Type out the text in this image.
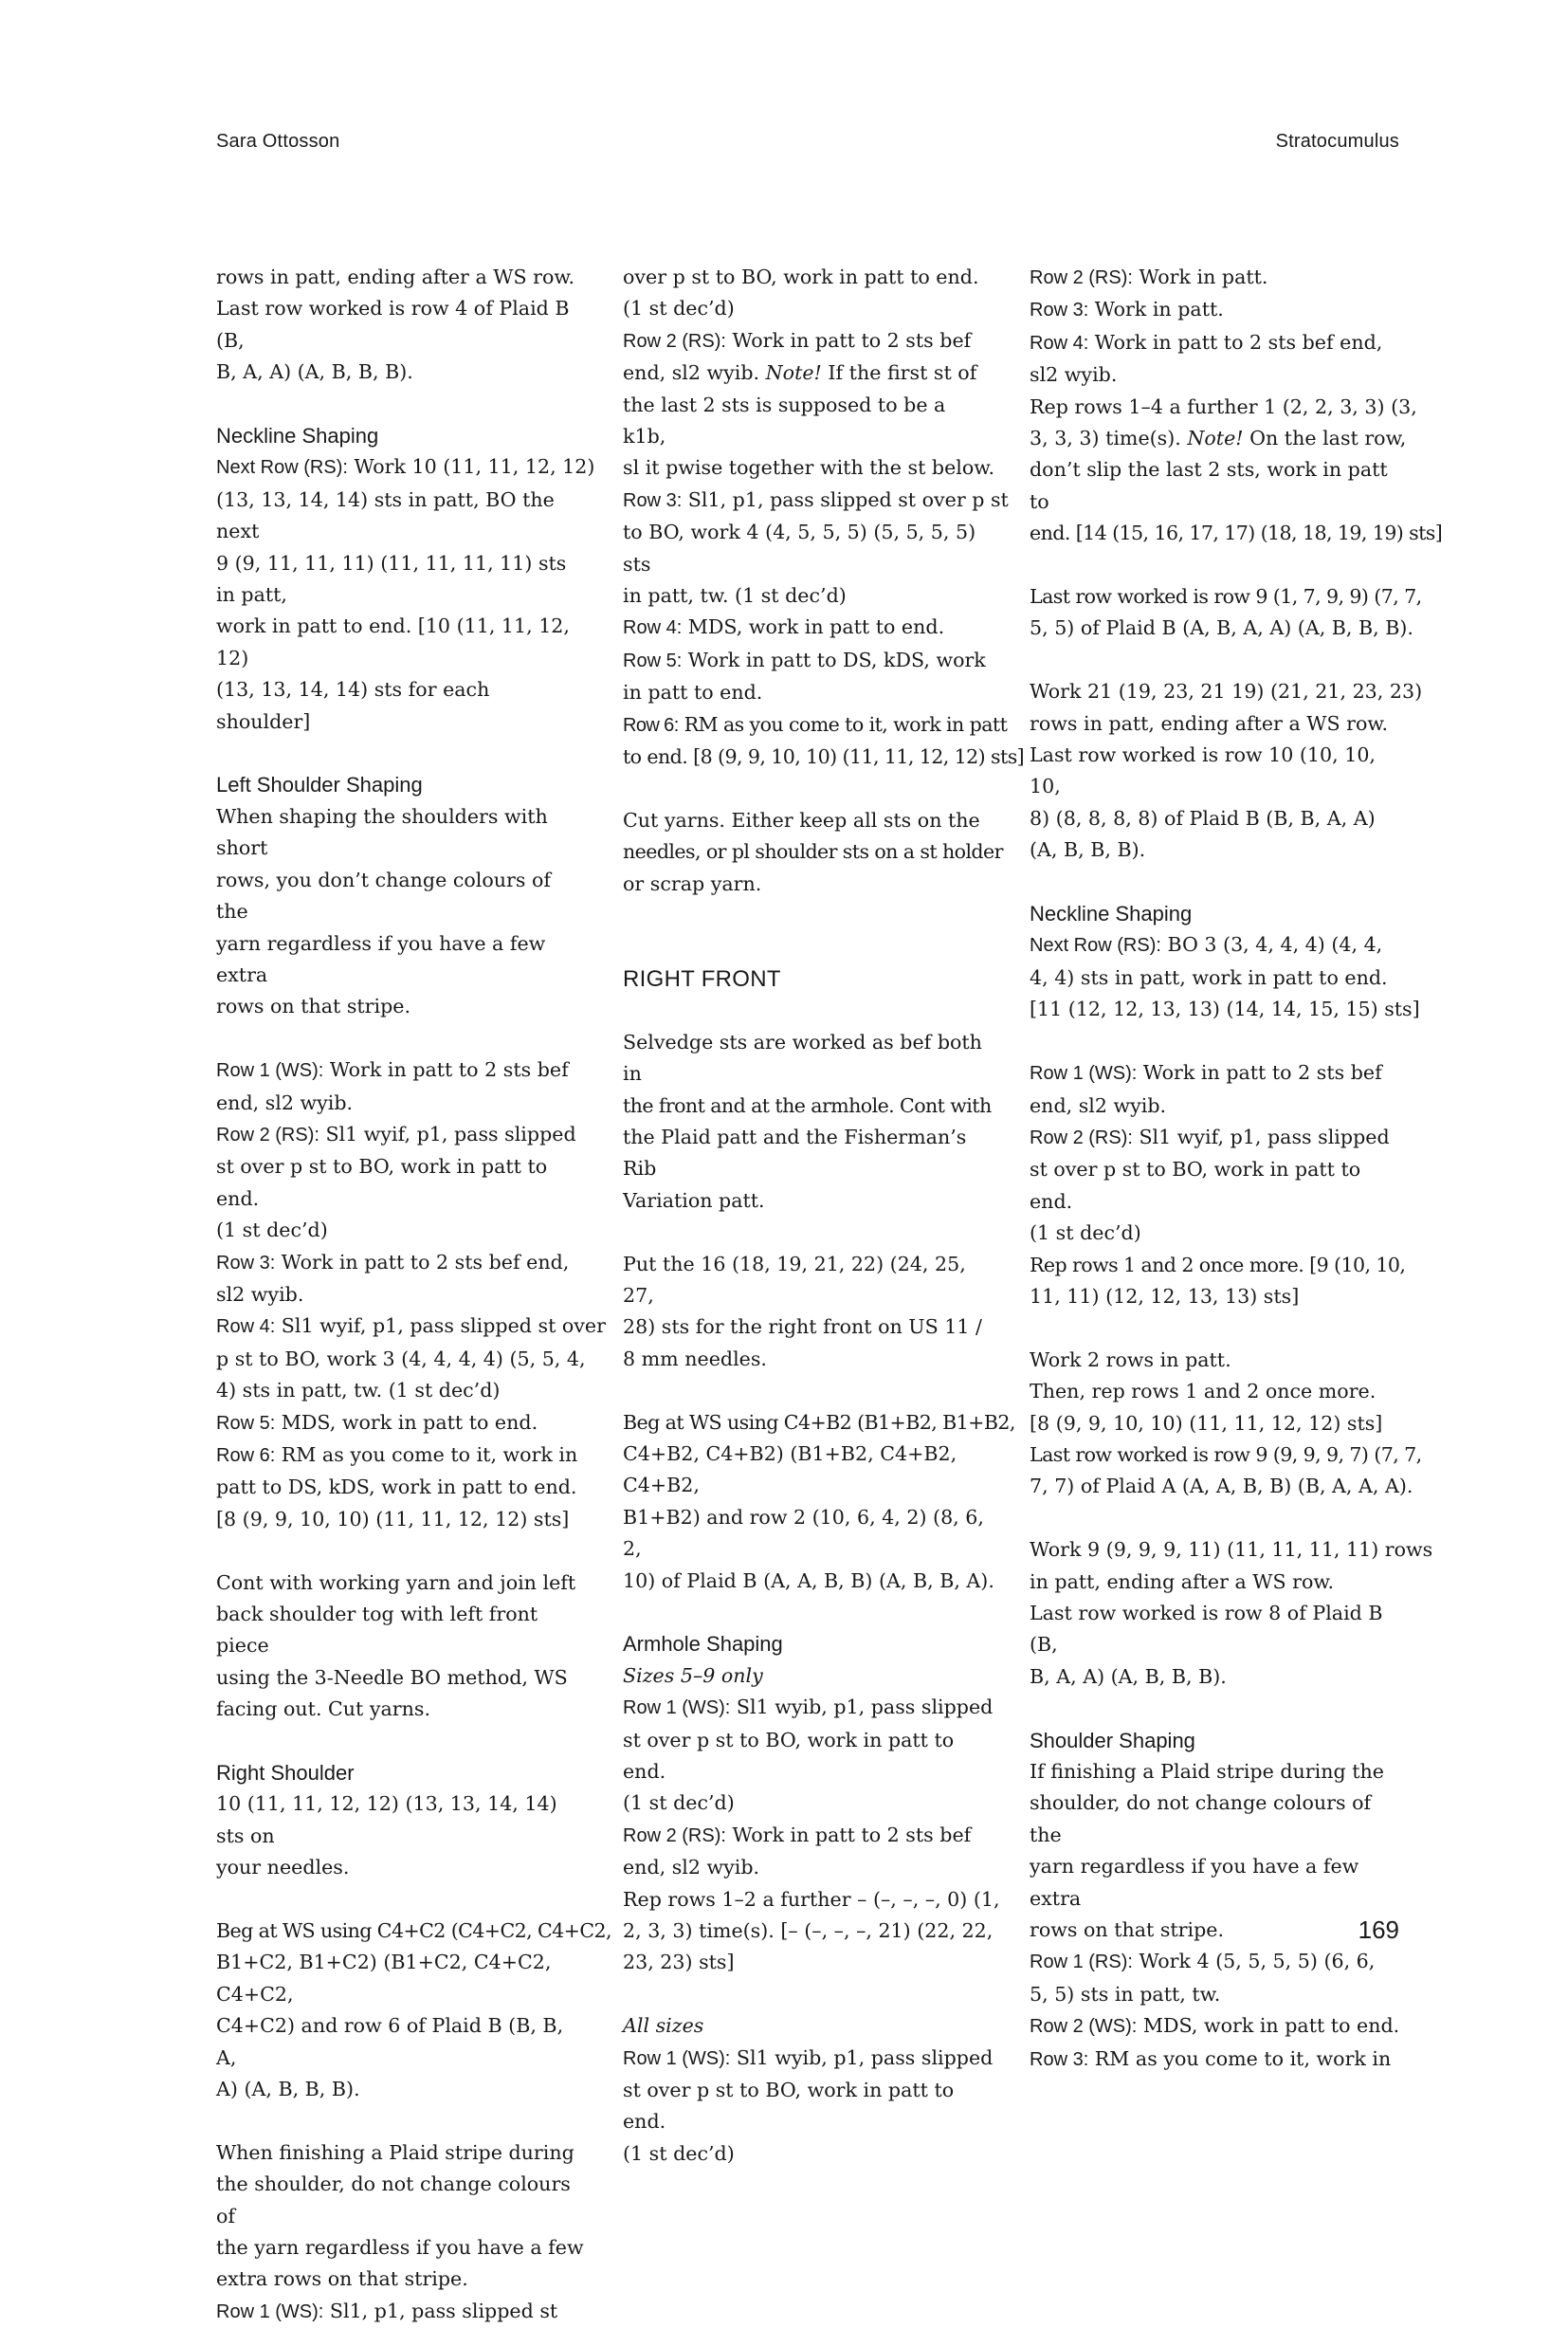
Sara Ottosson	Stratocumulus

rows in patt, ending after a WS row.

Last row worked is row 4 of Plaid B (B,

B, A, A) (A, B, B, B).

Neckline Shaping

Next Row (RS): Work 10 (11, 11, 12, 12)

(13, 13, 14, 14) sts in patt, BO the next

9 (9, 11, 11, 11) (11, 11, 11, 11) sts in patt,

work in patt to end. [10 (11, 11, 12, 12)

(13, 13, 14, 14) sts for each shoulder]

Left Shoulder Shaping

When shaping the shoulders with short

rows, you don’t change colours of the

yarn regardless if you have a few extra

rows on that stripe.

Row 1 (WS): Work in patt to 2 sts bef

end, sl2 wyib.

Row 2 (RS): Sl1 wyif, p1, pass slipped

st over p st to BO, work in patt to end.

(1 st dec’d)

Row 3: Work in patt to 2 sts bef end,

sl2 wyib.

Row 4: Sl1 wyif, p1, pass slipped st over

p st to BO, work 3 (4, 4, 4, 4) (5, 5, 4,

4) sts in patt, tw. (1 st dec’d)

Row 5: MDS, work in patt to end.

Row 6: RM as you come to it, work in

patt to DS, kDS, work in patt to end.

[8 (9, 9, 10, 10) (11, 11, 12, 12) sts]

Cont with working yarn and join left

back shoulder tog with left front piece

using the 3-Needle BO method, WS

facing out. Cut yarns.

Right Shoulder

10 (11, 11, 12, 12) (13, 13, 14, 14) sts on

your needles.

Beg at WS using C4+C2 (C4+C2, C4+C2,

B1+C2, B1+C2) (B1+C2, C4+C2, C4+C2,

C4+C2) and row 6 of Plaid B (B, B, A,

A) (A, B, B, B).

When finishing a Plaid stripe during

the shoulder, do not change colours of

the yarn regardless if you have a few

extra rows on that stripe.

Row 1 (WS): Sl1, p1, pass slipped st

over p st to BO, work in patt to end.

(1 st dec’d)

Row 2 (RS): Work in patt to 2 sts bef

end, sl2 wyib. Note! If the first st of

the last 2 sts is supposed to be a k1b,

sl it pwise together with the st below.

Row 3: Sl1, p1, pass slipped st over p st

to BO, work 4 (4, 5, 5, 5) (5, 5, 5, 5) sts

in patt, tw. (1 st dec’d)

Row 4: MDS, work in patt to end.

Row 5: Work in patt to DS, kDS, work

in patt to end.

Row 6: RM as you come to it, work in patt

to end. [8 (9, 9, 10, 10) (11, 11, 12, 12) sts]

Cut yarns. Either keep all sts on the

needles, or pl shoulder sts on a st holder

or scrap yarn.

RIGHT FRONT

Selvedge sts are worked as bef both in

the front and at the armhole. Cont with

the Plaid patt and the Fisherman’s Rib

Variation patt.

Put the 16 (18, 19, 21, 22) (24, 25, 27,

28) sts for the right front on US 11 /

8 mm needles.

Beg at WS using C4+B2 (B1+B2, B1+B2,

C4+B2, C4+B2) (B1+B2, C4+B2, C4+B2,

B1+B2) and row 2 (10, 6, 4, 2) (8, 6, 2,

10) of Plaid B (A, A, B, B) (A, B, B, A).

Armhole Shaping

Sizes 5–9 only

Row 1 (WS): Sl1 wyib, p1, pass slipped

st over p st to BO, work in patt to end.

(1 st dec’d)

Row 2 (RS): Work in patt to 2 sts bef

end, sl2 wyib.

Rep rows 1–2 a further – (–, –, –, 0) (1,

2, 3, 3) time(s). [– (–, –, –, 21) (22, 22,

23, 23) sts]

All sizes

Row 1 (WS): Sl1 wyib, p1, pass slipped

st over p st to BO, work in patt to end.

(1 st dec’d)

Row 2 (RS): Work in patt.

Row 3: Work in patt.

Row 4: Work in patt to 2 sts bef end,

sl2 wyib.

Rep rows 1–4 a further 1 (2, 2, 3, 3) (3,

3, 3, 3) time(s). Note! On the last row,

don’t slip the last 2 sts, work in patt to

end. [14 (15, 16, 17, 17) (18, 18, 19, 19) sts]

Last row worked is row 9 (1, 7, 9, 9) (7, 7,

5, 5) of Plaid B (A, B, A, A) (A, B, B, B).

Work 21 (19, 23, 21 19) (21, 21, 23, 23)

rows in patt, ending after a WS row.

Last row worked is row 10 (10, 10, 10,

8) (8, 8, 8, 8) of Plaid B (B, B, A, A)

(A, B, B, B).

Neckline Shaping

Next Row (RS): BO 3 (3, 4, 4, 4) (4, 4,

4, 4) sts in patt, work in patt to end.

[11 (12, 12, 13, 13) (14, 14, 15, 15) sts]

Row 1 (WS): Work in patt to 2 sts bef

end, sl2 wyib.

Row 2 (RS): Sl1 wyif, p1, pass slipped

st over p st to BO, work in patt to end.

(1 st dec’d)

Rep rows 1 and 2 once more. [9 (10, 10,

11, 11) (12, 12, 13, 13) sts]

Work 2 rows in patt.

Then, rep rows 1 and 2 once more.

[8 (9, 9, 10, 10) (11, 11, 12, 12) sts]

Last row worked is row 9 (9, 9, 9, 7) (7, 7,

7, 7) of Plaid A (A, A, B, B) (B, A, A, A).

Work 9 (9, 9, 9, 11) (11, 11, 11, 11) rows

in patt, ending after a WS row.

Last row worked is row 8 of Plaid B (B,

B, A, A) (A, B, B, B).

Shoulder Shaping

If finishing a Plaid stripe during the

shoulder, do not change colours of the

yarn regardless if you have a few extra

rows on that stripe.

Row 1 (RS): Work 4 (5, 5, 5, 5) (6, 6,

5, 5) sts in patt, tw.

Row 2 (WS): MDS, work in patt to end.

Row 3: RM as you come to it, work in

169
